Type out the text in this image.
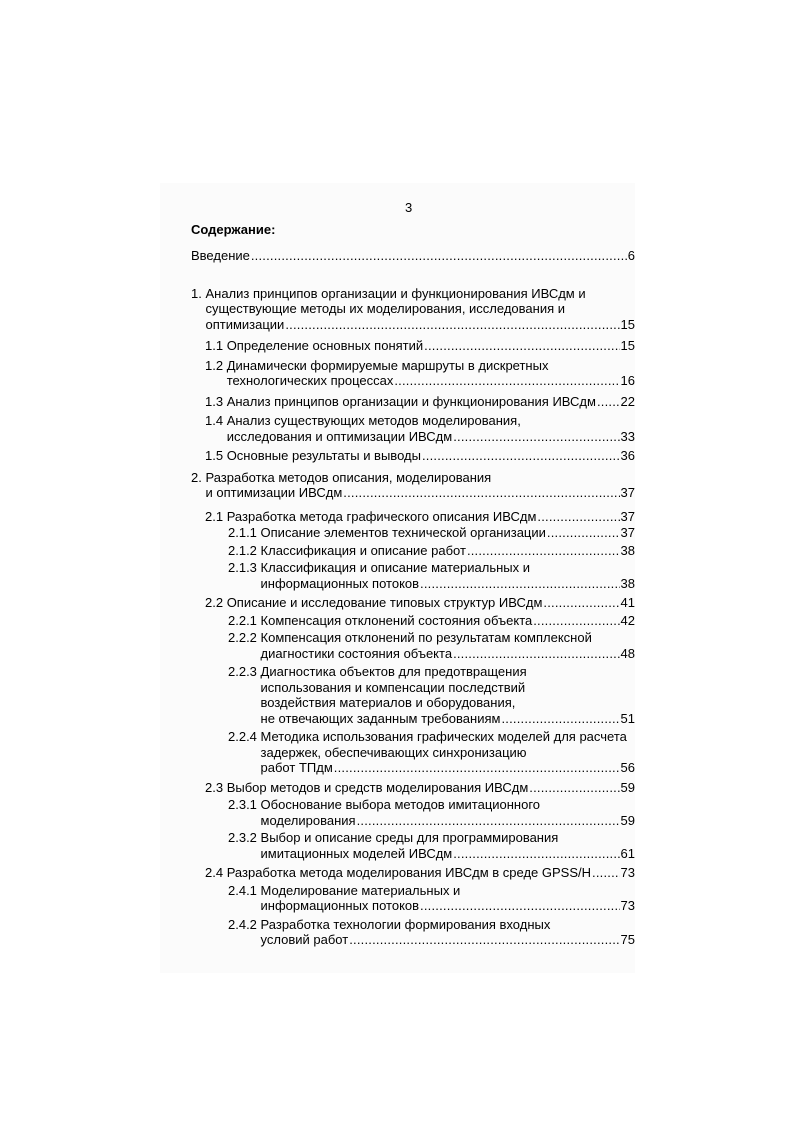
3
Содержание:
Введение .....	6
1. Анализ принципов организации и функционирования ИВСдм и
существующие методы их моделирования, исследования и
оптимизации .....	15
1.1 Определение основных понятий .....	15
1.2 Динамически формируемые маршруты в дискретных
технологических процессах .....	16
1.3 Анализ принципов организации и функционирования ИВСдм ..... 22
1.4 Анализ существующих методов моделирования,
исследования и оптимизации ИВСдм .....	33
1.5 Основные результаты и выводы .....	36
2. Разработка методов описания, моделирования
и оптимизации ИВСдм .....	37
2.1 Разработка метода графического описания ИВСдм .....	37
2.1.1 Описание элементов технической организации .....	37
2.1.2 Классификация и описание работ .....	38
2.1.3 Классификация и описание материальных и
информационных потоков .....	38
2.2 Описание и исследование типовых структур ИВСдм .....	41
2.2.1 Компенсация отклонений состояния объекта .....	42
2.2.2 Компенсация отклонений по результатам комплексной
диагностики состояния объекта .....	48
2.2.3 Диагностика объектов для предотвращения
использования и компенсации последствий
воздействия материалов и оборудования,
не отвечающих заданным требованиям .....	51
2.2.4 Методика использования графических моделей для расчета
задержек, обеспечивающих синхронизацию
работ ТПдм .....	56
2.3 Выбор методов и средств моделирования ИВСдм .....	59
2.3.1 Обоснование выбора методов имитационного
моделирования .....	59
2.3.2 Выбор и описание среды для программирования
имитационных моделей ИВСдм .....	61
2.4 Разработка метода моделирования ИВСдм в среде GPSS/H ..... 73
2.4.1 Моделирование материальных и
информационных потоков .....	73
2.4.2 Разработка технологии формирования входных
условий работ .....	75
